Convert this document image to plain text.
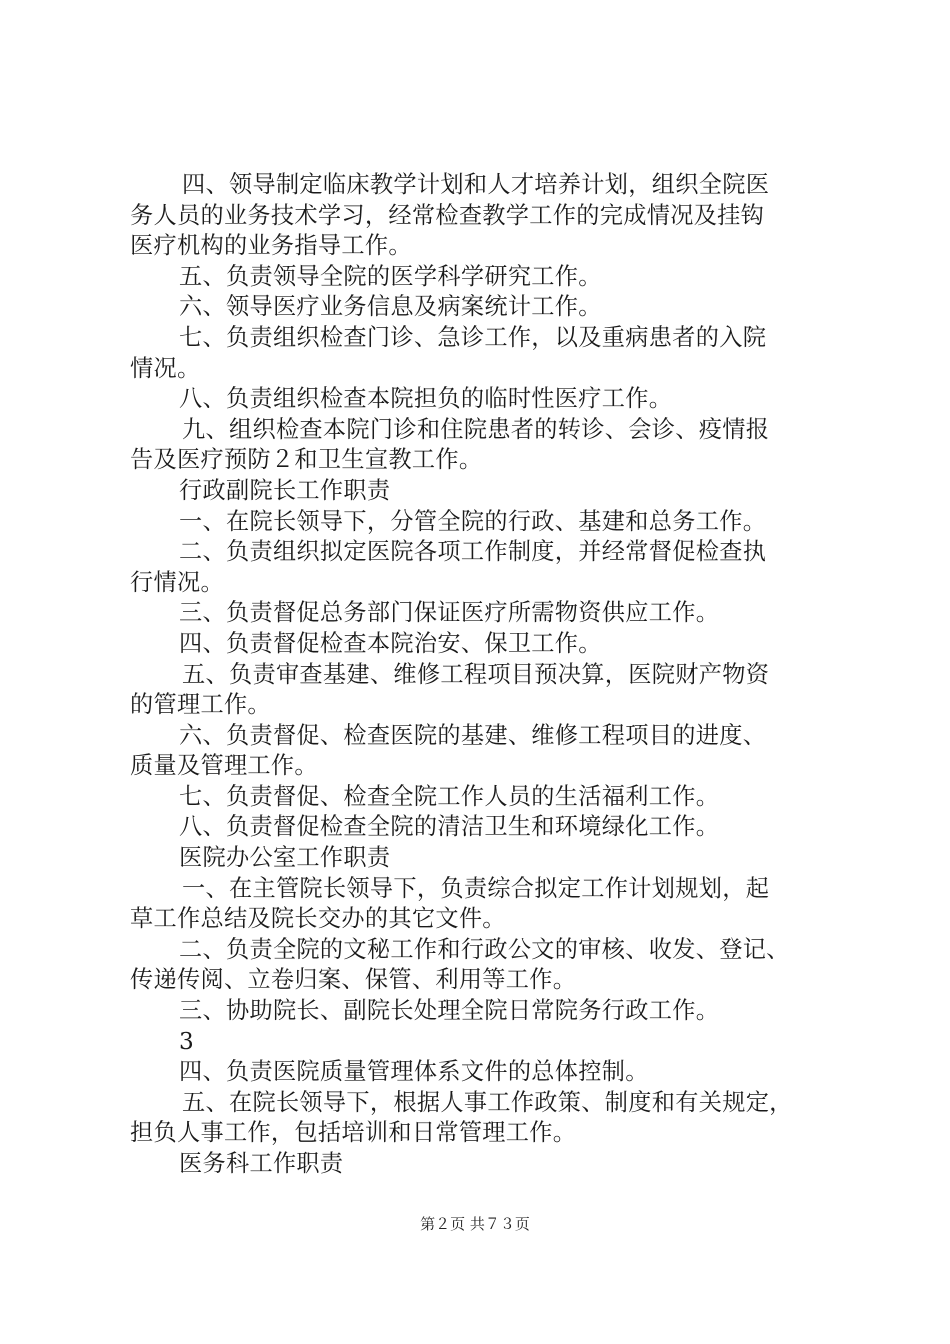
四、领导制定临床教学计划和人才培养计划，组织全院医
务人员的业务技术学习，经常检查教学工作的完成情况及挂钩
医疗机构的业务指导工作。
五、负责领导全院的医学科学研究工作。
六、领导医疗业务信息及病案统计工作。
七、负责组织检查门诊、急诊工作，以及重病患者的入院
情况。
八、负责组织检查本院担负的临时性医疗工作。
九、组织检查本院门诊和住院患者的转诊、会诊、疫情报
告及医疗预防２和卫生宣教工作。
行政副院长工作职责
一、在院长领导下，分管全院的行政、基建和总务工作。
二、负责组织拟定医院各项工作制度，并经常督促检查执
行情况。
三、负责督促总务部门保证医疗所需物资供应工作。
四、负责督促检查本院治安、保卫工作。
五、负责审查基建、维修工程项目预决算，医院财产物资
的管理工作。
六、负责督促、检查医院的基建、维修工程项目的进度、
质量及管理工作。
七、负责督促、检查全院工作人员的生活福利工作。
八、负责督促检查全院的清洁卫生和环境绿化工作。
医院办公室工作职责
一、在主管院长领导下，负责综合拟定工作计划规划，起
草工作总结及院长交办的其它文件。
二、负责全院的文秘工作和行政公文的审核、收发、登记、
传递传阅、立卷归案、保管、利用等工作。
三、协助院长、副院长处理全院日常院务行政工作。
3
四、负责医院质量管理体系文件的总体控制。
五、在院长领导下，根据人事工作政策、制度和有关规定，
担负人事工作，包括培训和日常管理工作。
医务科工作职责
第２页 共７３页
